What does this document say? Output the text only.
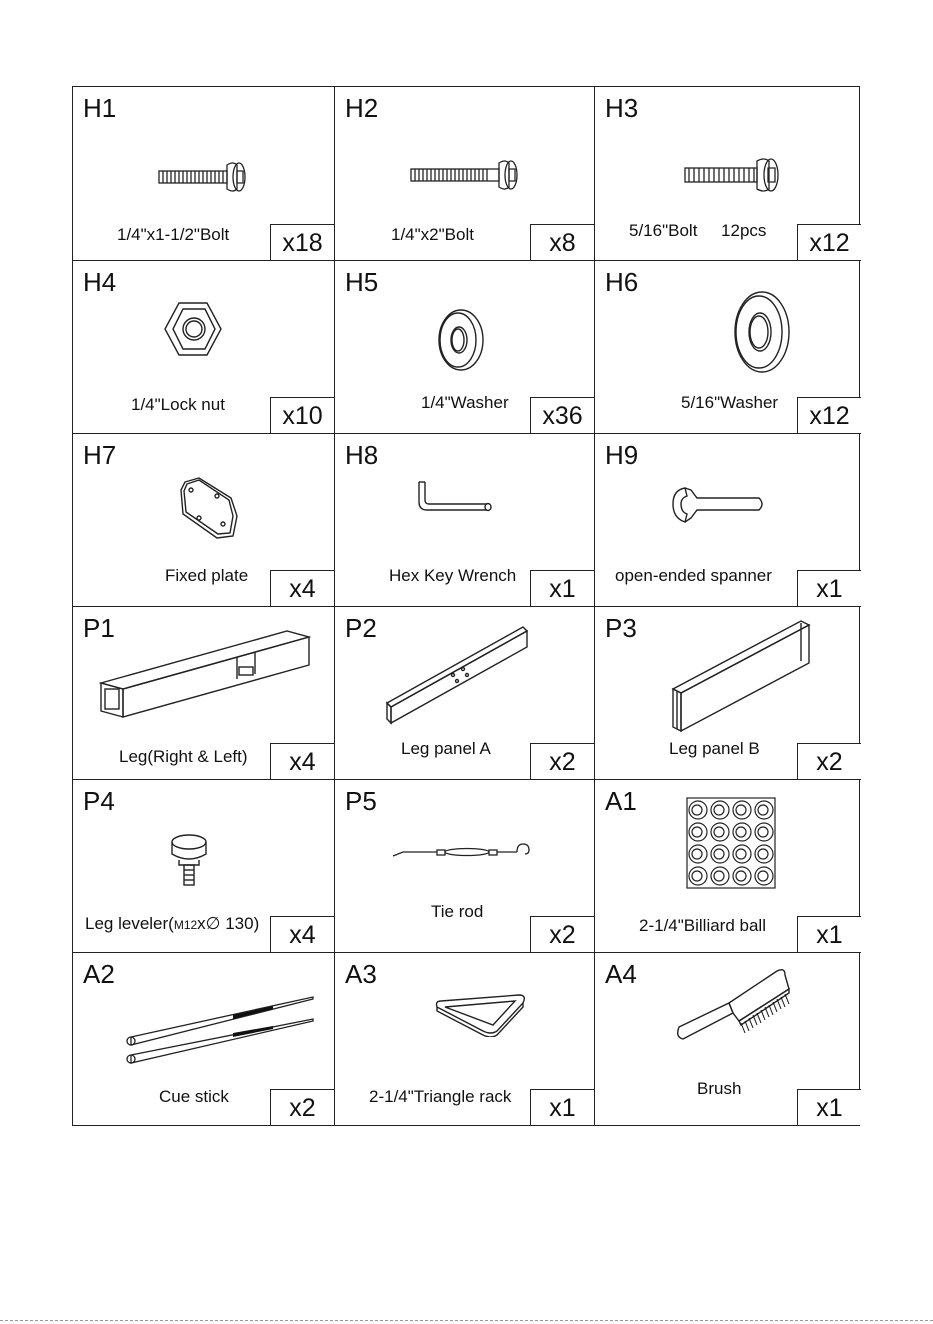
H1
1/4"x1-1/2"Bolt	x18
H2
1/4"x2"Bolt	x8
H3
5/16"Bolt     12pcs	x12
H4
1/4"Lock nut	x10
H5
1/4"Washer	x36
H6
5/16"Washer	x12
H7
Fixed plate	x4
H8
Hex Key Wrench	x1
H9
open-ended spanner	x1
P1
Leg(Right & Left)	x4
P2
Leg panel A	x2
P3
Leg panel B	x2
P4
Leg leveler(M12x∅ 130)	x4
P5
Tie rod
x2
A1
2-1/4"Billiard ball	x1
A2
Cue stick	x2
A3
2-1/4"Triangle rack	x1
A4
Brush
x1
